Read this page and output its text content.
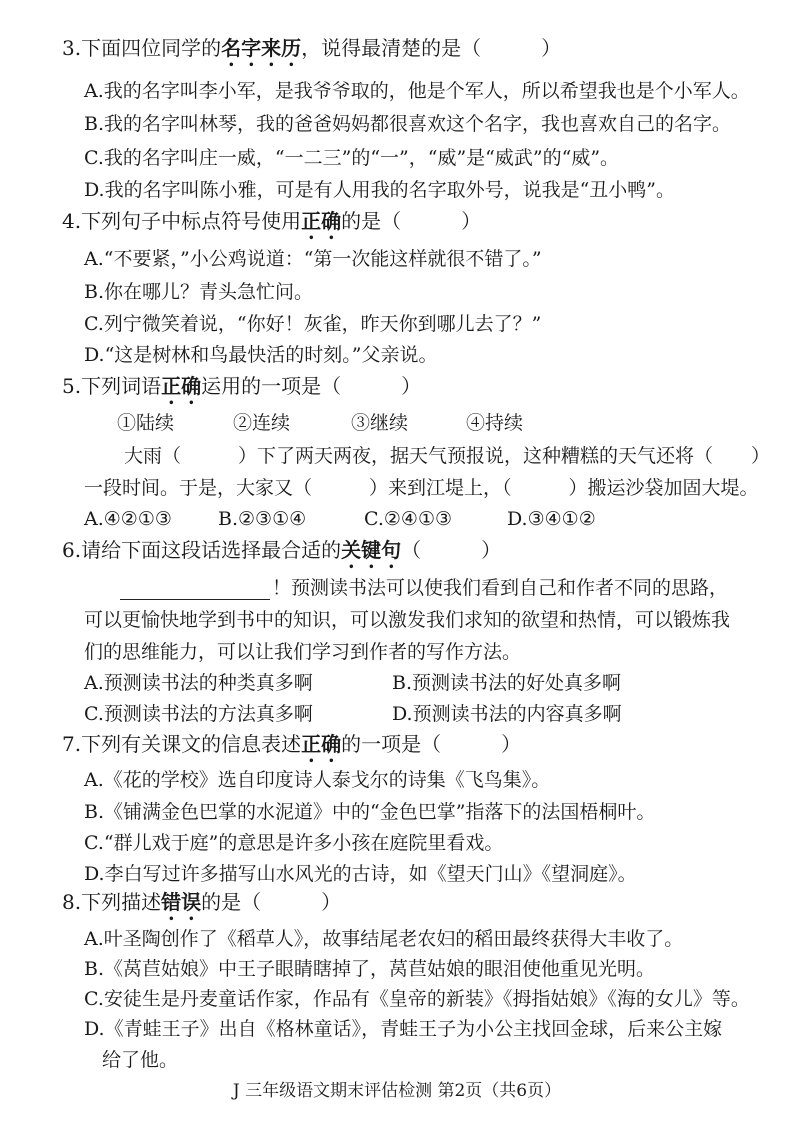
3.下面四位同学的名字来历，说得最清楚的是（　　　）
A.我的名字叫李小军，是我爷爷取的，他是个军人，所以希望我也是个小军人。
B.我的名字叫林琴，我的爸爸妈妈都很喜欢这个名字，我也喜欢自己的名字。
C.我的名字叫庄一威，“一二三”的“一”，“威”是“威武”的“威”。
D.我的名字叫陈小雅，可是有人用我的名字取外号，说我是“丑小鸭”。
4.下列句子中标点符号使用正确的是（　　　）
A.“不要紧，”小公鸡说道：“第一次能这样就很不错了。”
B.你在哪儿？青头急忙问。
C.列宁微笑着说，“你好！灰雀，昨天你到哪儿去了？”
D.“这是树林和鸟最快活的时刻。”父亲说。
5.下列词语正确运用的一项是（　　　）
①陆续	②连续	③继续	④持续
大雨（　　　）下了两天两夜，据天气预报说，这种糟糕的天气还将（　　）
一段时间。于是，大家又（　　　）来到江堤上，（　　　）搬运沙袋加固大堤。
A.④②①③ B.②③①④	C.②④①③	D.③④①②
6.请给下面这段话选择最合适的关键句（　　　）
！预测读书法可以使我们看到自己和作者不同的思路，
可以更愉快地学到书中的知识，可以激发我们求知的欲望和热情，可以锻炼我
们的思维能力，可以让我们学习到作者的写作方法。
A.预测读书法的种类真多啊	B.预测读书法的好处真多啊
C.预测读书法的方法真多啊	D.预测读书法的内容真多啊
7.下列有关课文的信息表述正确的一项是（　　　）
A.《花的学校》选自印度诗人泰戈尔的诗集《飞鸟集》。
B.《铺满金色巴掌的水泥道》中的“金色巴掌”指落下的法国梧桐叶。
C.“群儿戏于庭”的意思是许多小孩在庭院里看戏。
D.李白写过许多描写山水风光的古诗，如《望天门山》《望洞庭》。
8.下列描述错误的是（　　　）
A.叶圣陶创作了《稻草人》，故事结尾老农妇的稻田最终获得大丰收了。
B.《莴苣姑娘》中王子眼睛瞎掉了，莴苣姑娘的眼泪使他重见光明。
C.安徒生是丹麦童话作家，作品有《皇帝的新装》《拇指姑娘》《海的女儿》等。
D.《青蛙王子》出自《格林童话》，青蛙王子为小公主找回金球，后来公主嫁
给了他。
J 三年级语文期末评估检测 第2页（共6页）
